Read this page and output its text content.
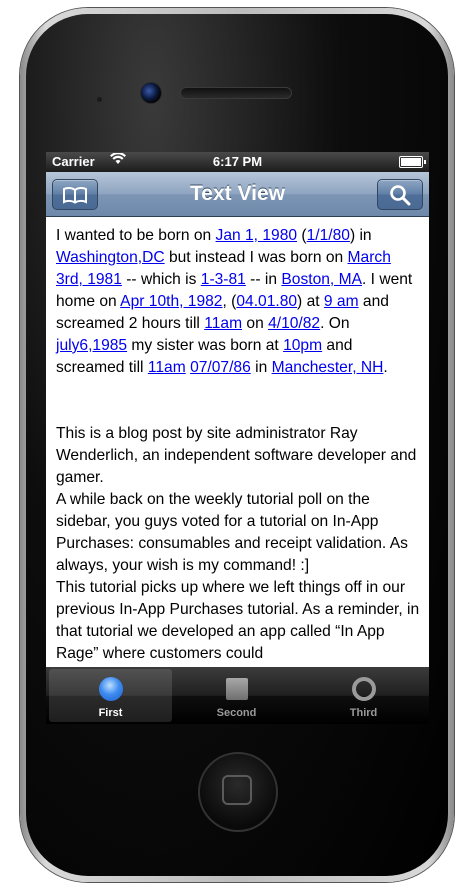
Carrier	6:17 PM
Text View
I wanted to be born on Jan 1, 1980 (1/1/80) in Washington,DC but instead I was born on March 3rd, 1981 -- which is 1-3-81 -- in Boston, MA. I went home on Apr 10th, 1982, (04.01.80) at 9 am and screamed 2 hours till 11am on 4/10/82. On july6,1985 my sister was born at 10pm and screamed till 11am 07/07/86 in Manchester, NH.
This is a blog post by site administrator Ray Wenderlich, an independent software developer and gamer.
A while back on the weekly tutorial poll on the sidebar, you guys voted for a tutorial on In-App Purchases: consumables and receipt validation. As always, your wish is my command! :]
This tutorial picks up where we left things off in our previous In-App Purchases tutorial. As a reminder, in that tutorial we developed an app called “In App Rage” where customers could
First	Second	Third
